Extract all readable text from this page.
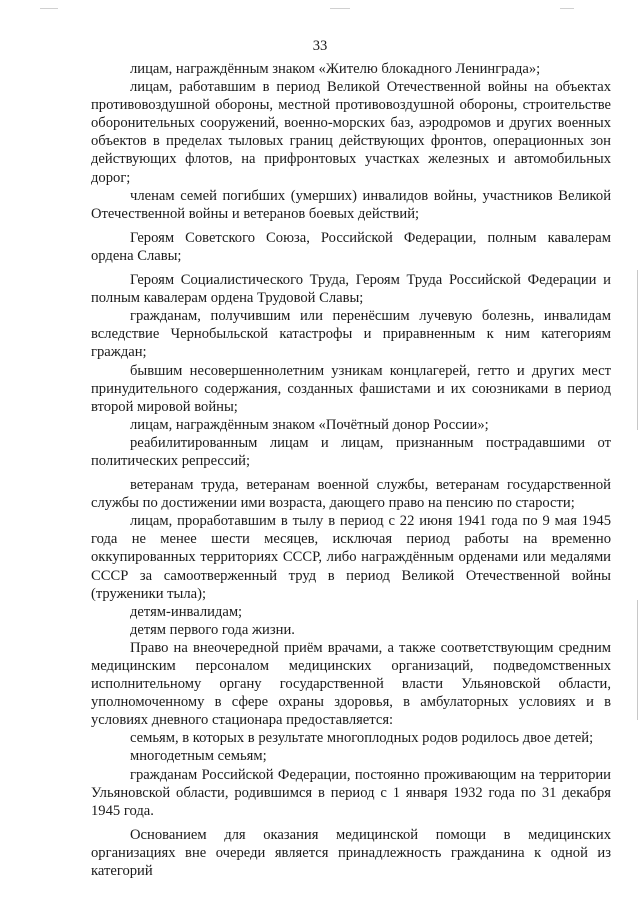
33

лицам, награждённым знаком «Жителю блокадного Ленинграда»;

лицам, работавшим в период Великой Отечественной войны на объектах противовоздушной обороны, местной противовоздушной обороны, строительстве оборонительных сооружений, военно-морских баз, аэродромов и других военных объектов в пределах тыловых границ действующих фронтов, операционных зон действующих флотов, на прифронтовых участках железных и автомобильных дорог;

членам семей погибших (умерших) инвалидов войны, участников Великой Отечественной войны и ветеранов боевых действий;

Героям Советского Союза, Российской Федерации, полным кавалерам ордена Славы;

Героям Социалистического Труда, Героям Труда Российской Федерации и полным кавалерам ордена Трудовой Славы;

гражданам, получившим или перенёсшим лучевую болезнь, инвалидам вследствие Чернобыльской катастрофы и приравненным к ним категориям граждан;

бывшим несовершеннолетним узникам концлагерей, гетто и других мест принудительного содержания, созданных фашистами и их союзниками в период второй мировой войны;

лицам, награждённым знаком «Почётный донор России»;

реабилитированным лицам и лицам, признанным пострадавшими от политических репрессий;

ветеранам труда, ветеранам военной службы, ветеранам государственной службы по достижении ими возраста, дающего право на пенсию по старости;

лицам, проработавшим в тылу в период с 22 июня 1941 года по 9 мая 1945 года не менее шести месяцев, исключая период работы на временно оккупированных территориях СССР, либо награждённым орденами или медалями СССР за самоотверженный труд в период Великой Отечественной войны (труженики тыла);

детям-инвалидам;

детям первого года жизни.

Право на внеочередной приём врачами, а также соответствующим средним медицинским персоналом медицинских организаций, подведомственных исполнительному органу государственной власти Ульяновской области, уполномоченному в сфере охраны здоровья, в амбулаторных условиях и в условиях дневного стационара предоставляется:

семьям, в которых в результате многоплодных родов родилось двое детей;

многодетным семьям;

гражданам Российской Федерации, постоянно проживающим на территории Ульяновской области, родившимся в период с 1 января 1932 года по 31 декабря 1945 года.

Основанием для оказания медицинской помощи в медицинских организациях вне очереди является принадлежность гражданина к одной из категорий
